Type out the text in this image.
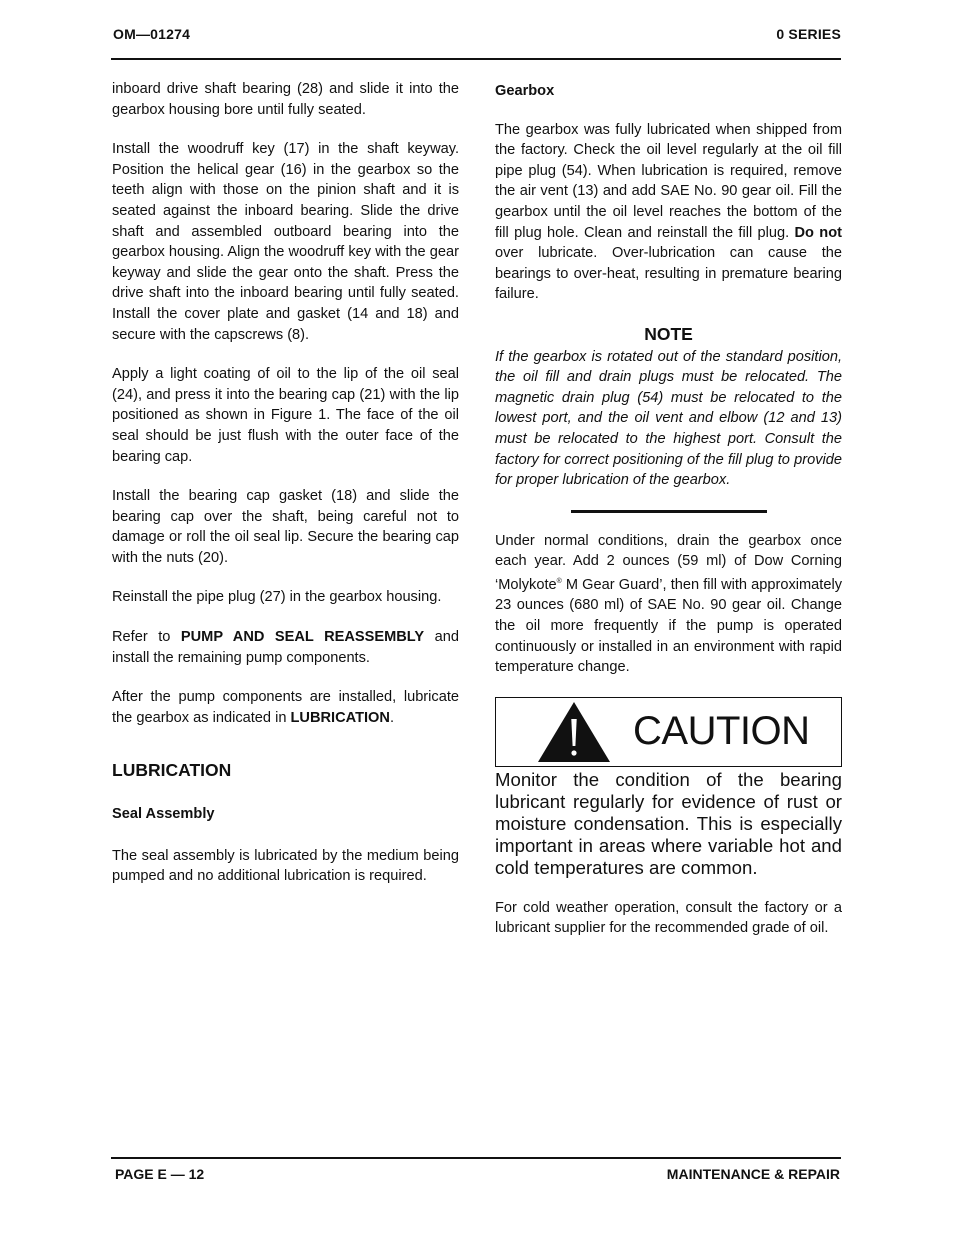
OM—01274	0 SERIES

inboard drive shaft bearing (28) and slide it into the gearbox housing bore until fully seated.

Install the woodruff key (17) in the shaft keyway. Position the helical gear (16) in the gearbox so the teeth align with those on the pinion shaft and it is seated against the inboard bearing. Slide the drive shaft and assembled outboard bearing into the gearbox housing. Align the woodruff key with the gear keyway and slide the gear onto the shaft. Press the drive shaft into the inboard bearing until fully seated. Install the cover plate and gasket (14 and 18) and secure with the capscrews (8).

Apply a light coating of oil to the lip of the oil seal (24), and press it into the bearing cap (21) with the lip positioned as shown in Figure 1. The face of the oil seal should be just flush with the outer face of the bearing cap.

Install the bearing cap gasket (18) and slide the bearing cap over the shaft, being careful not to damage or roll the oil seal lip. Secure the bearing cap with the nuts (20).

Reinstall the pipe plug (27) in the gearbox housing.

Refer to PUMP AND SEAL REASSEMBLY and install the remaining pump components.

After the pump components are installed, lubricate the gearbox as indicated in LUBRICATION.

LUBRICATION
Seal Assembly

The seal assembly is lubricated by the medium being pumped and no additional lubrication is required.

Gearbox

The gearbox was fully lubricated when shipped from the factory. Check the oil level regularly at the oil fill pipe plug (54). When lubrication is required, remove the air vent (13) and add SAE No. 90 gear oil. Fill the gearbox until the oil level reaches the bottom of the fill plug hole. Clean and reinstall the fill plug. Do not over lubricate. Over-lubrication can cause the bearings to over-heat, resulting in premature bearing failure.

NOTE

If the gearbox is rotated out of the standard position, the oil fill and drain plugs must be relocated. The magnetic drain plug (54) must be relocated to the lowest port, and the oil vent and elbow (12 and 13) must be relocated to the highest port. Consult the factory for correct positioning of the fill plug to provide for proper lubrication of the gearbox.

Under normal conditions, drain the gearbox once each year. Add 2 ounces (59 ml) of Dow Corning ‘Molykote® M Gear Guard’, then fill with approximately 23 ounces (680 ml) of SAE No. 90 gear oil. Change the oil more frequently if the pump is operated continuously or installed in an environment with rapid temperature change.

CAUTION

Monitor the condition of the bearing lubricant regularly for evidence of rust or moisture condensation. This is especially important in areas where variable hot and cold temperatures are common.

For cold weather operation, consult the factory or a lubricant supplier for the recommended grade of oil.

PAGE E — 12	MAINTENANCE & REPAIR
